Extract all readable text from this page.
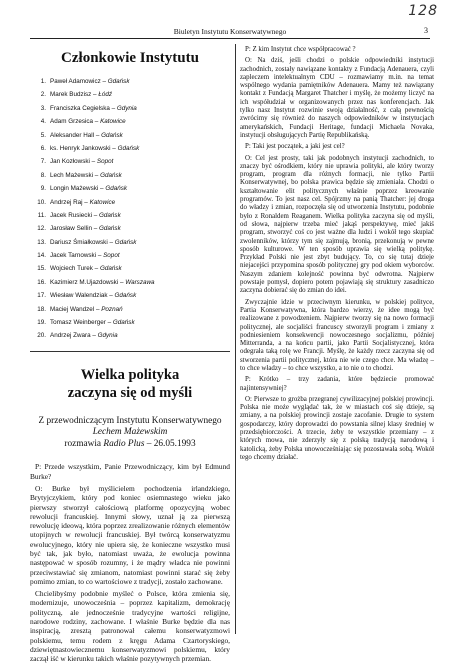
128
Biuletyn Instytutu Konserwatywnego	3
Członkowie Instytutu
1. Paweł Adamowicz – Gdańsk
2. Marek Budzisz – Łódź
3. Franciszka Cegielska – Gdynia
4. Adam Grzesica – Katowice
5. Aleksander Hall – Gdańsk
6. ks. Henryk Jankowski – Gdańsk
7. Jan Kozłowski – Sopot
8. Lech Mażewski – Gdańsk
9. Longin Mażewski – Gdańsk
10. Andrzej Raj – Katowice
11. Jacek Rusiecki – Gdańsk
12. Jarosław Sellin – Gdańsk
13. Dariusz Śmiałkowski – Gdańsk
14. Jacek Tarnowski – Sopot
15. Wojciech Turek – Gdańsk
16. Kazimierz M.Ujazdowski – Warszawa
17. Wiesław Walendziak – Gdańsk
18. Maciej Wandzel – Poznań
19. Tomasz Weinberger – Gdańsk
20. Andrzej Zwara – Gdynia
Wielka polityka
zaczyna się od myśli
Z przewodniczącym Instytutu Konserwatywnego
Lechem Mażewskim
rozmawia Radio Plus – 26.05.1993

P: Przede wszystkim, Panie Przewodniczący, kim był Edmund Burke?

O: Burke był myślicielem pochodzenia irlandzkiego, Brytyjczykiem, który pod koniec osiemnastego wieku jako pierwszy stworzył całościową platformę opozycyjną wobec rewolucji francuskiej. Innymi słowy, uznał ją za pierwszą rewolucję ideową, która poprzez zrealizowanie różnych elementów utopijnych w rewolucji francuskiej. Był twórcą konserwatyzmu ewolucyjnego, który nie upiera się, że konieczne wszystko musi być tak, jak było, natomiast uważa, że ewolucja powinna następować w sposób rozumny, i że mądry władca nie powinni przeciwstawiać się zmianom, natomiast powinni starać się żeby pomimo zmian, to co wartościowe z tradycji, zostało zachowane.

Chcielibyśmy podobnie myśleć o Polsce, która zmienia się, modernizuje, unowocześnia – poprzez kapitalizm, demokrację polityczną, ale jednocześnie tradycyjne wartości religijne, narodowe rodziny, zachowane. I właśnie Burke będzie dla nas inspiracją, zresztą patronował całemu konserwatyzmowi polskiemu, temu rodem z kręgu Adama Czartoryskiego, dziewiętnastowiecznemu konserwatyzmowi polskiemu, który zaczął iść w kierunku takich właśnie pozytywnych przemian.

P: Z kim Instytut chce współpracować ?

O: Na dziś, jeśli chodzi o polskie odpowiedniki instytucji zachodnich, zostały nawiązane kontakty z Fundacją Adenauera, czyli zapleczem intelektualnym CDU – rozmawiamy m.in. na temat wspólnego wydania pamiętników Adenauera. Mamy też nawiązany kontakt z Fundacją Margaret Thatcher i myślę, że możemy liczyć na ich współudział w organizowanych przez nas konferencjach. Jak tylko nasz Instytut rozwinie swoją działalność, z całą pewnością zwrócimy się również do naszych odpowiedników w instytucjach amerykańskich, Fundacji Heritage, fundacji Michaela Novaka, instytucji obsługujących Partię Republikańską.

P: Taki jest początek, a jaki jest cel?

O: Cel jest prosty, taki jak podobnych instytucji zachodnich, to znaczy być ośrodkiem, który nie uprawia polityki, ale który tworzy program, program dla różnych formacji, nie tylko Partii Konserwatywnej, bo polska prawica będzie się zmieniała. Chodzi o kształtowanie elit politycznych właśnie poprzez kreowanie programów. To jest nasz cel. Spójrzmy na panią Thatcher: jej droga do władzy i zmian, rozpoczęła się od utworzenia Instytutu, podobnie było z Ronaldem Reaganem. Wielka polityka zaczyna się od myśli, od słowa, najpierw trzeba mieć jakąś perspektywę, mieć jakiś program, stworzyć coś co jest ważne dla ludzi i wokół tego skupiać zwolenników, którzy tym się zajmują, bronią, przekonują w pewne sposób kulturowe. W ten sposób uprawia się wielką politykę. Przykład Polski nie jest zbyt budujący. To, co się tutaj dzieje niejacejści przypomina sposób politycznej gry pod okiem wyborców. Naszym zdaniem kolejność powinna być odwrotna. Najpierw powstaje pomysł, dopiero potem pojawiają się struktury zasadniczo zaczyna dobierać się do zmian do idei.

Zwyczajnie idzie w przeciwnym kierunku, w polskiej polityce, Partia Konserwatywna, która bardzo wierzy, że idee mogą być realizowane z powodzeniem. Najpierw tworzy się na nowo formacji politycznej, ale socjaliści francuscy stworzyli program i zmiany z podniesieniem konsekwencji nowoczesnego socjalizmu, później Mitterranda, a na końcu partii, jako Partii Socjalistycznej, która odegrała taką rolę we Francji. Myślę, że każdy rzecz zaczyna się od stworzenia partii politycznej, która nie wie czego chce. Ma władzę – to chce władzy – to chce wszystko, a to nie o to chodzi.

P: Krótko – trzy zadania, które będziecie promować najintensywniej?

O: Pierwsze to grożba przegranej cywilizacyjnej polskiej prowincji. Polska nie może wyglądać tak, że w miastach coś się dzieje, są zmiany, a na polskiej prowincji zostaje zacofanie. Drugie to system gospodarczy, który doprowadzi do powstania silnej klasy średniej w przedsiębiorczości. A trzecie, żeby te wszystkie przemiany – z których mowa, nie zderzyły się z polską tradycją narodową i katolicką, żeby Polska unowocześniając się pozostawała sobą. Wokół tego chcemy działać.
